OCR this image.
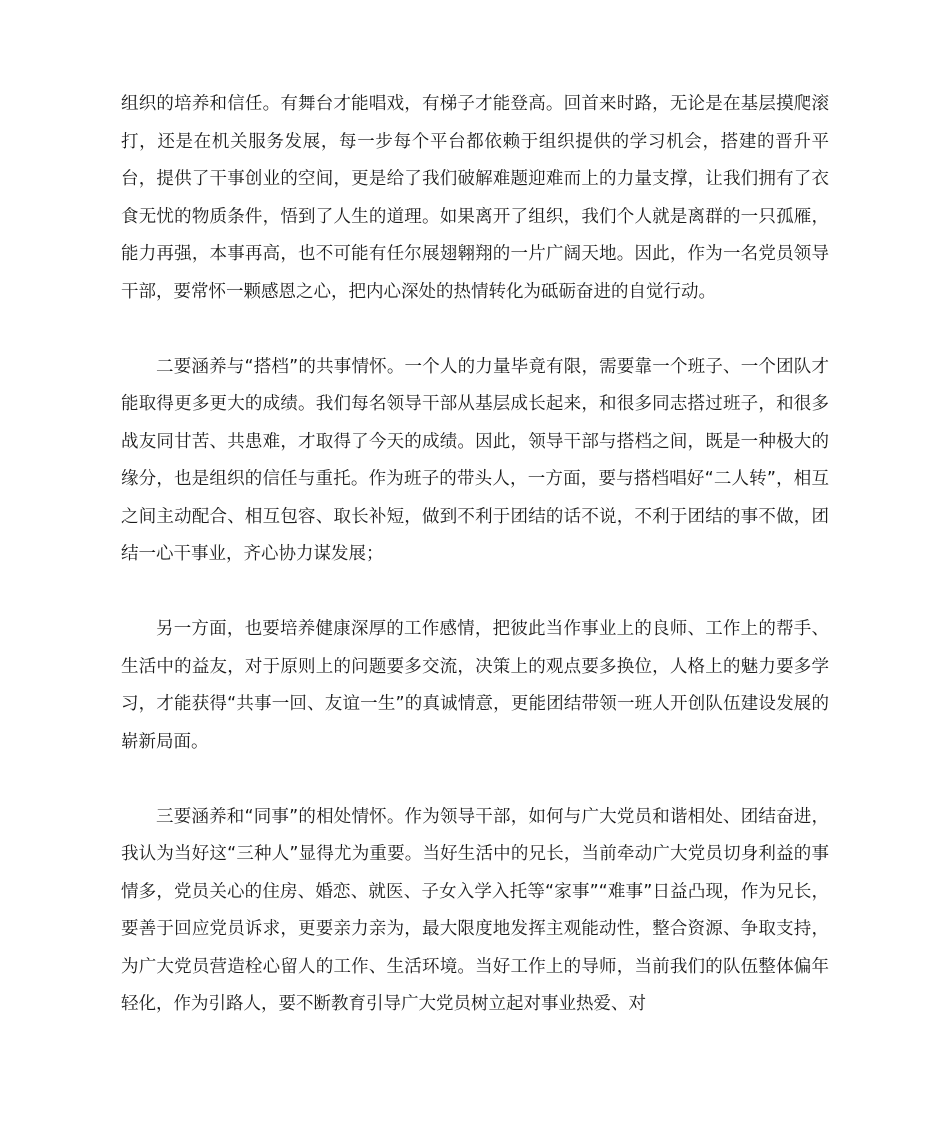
组织的培养和信任。有舞台才能唱戏，有梯子才能登高。回首来时路，无论是在基层摸爬滚打，还是在机关服务发展，每一步每个平台都依赖于组织提供的学习机会，搭建的晋升平台，提供了干事创业的空间，更是给了我们破解难题迎难而上的力量支撑，让我们拥有了衣食无忧的物质条件，悟到了人生的道理。如果离开了组织，我们个人就是离群的一只孤雁，能力再强，本事再高，也不可能有任尔展翅翱翔的一片广阔天地。因此，作为一名党员领导干部，要常怀一颗感恩之心，把内心深处的热情转化为砥砺奋进的自觉行动。

二要涵养与“搭档”的共事情怀。一个人的力量毕竟有限，需要靠一个班子、一个团队才能取得更多更大的成绩。我们每名领导干部从基层成长起来，和很多同志搭过班子，和很多战友同甘苦、共患难，才取得了今天的成绩。因此，领导干部与搭档之间，既是一种极大的缘分，也是组织的信任与重托。作为班子的带头人，一方面，要与搭档唱好“二人转”，相互之间主动配合、相互包容、取长补短，做到不利于团结的话不说，不利于团结的事不做，团结一心干事业，齐心协力谋发展；

另一方面，也要培养健康深厚的工作感情，把彼此当作事业上的良师、工作上的帮手、生活中的益友，对于原则上的问题要多交流，决策上的观点要多换位，人格上的魅力要多学习，才能获得“共事一回、友谊一生”的真诚情意，更能团结带领一班人开创队伍建设发展的崭新局面。

三要涵养和“同事”的相处情怀。作为领导干部，如何与广大党员和谐相处、团结奋进，我认为当好这“三种人”显得尤为重要。当好生活中的兄长，当前牵动广大党员切身利益的事情多，党员关心的住房、婚恋、就医、子女入学入托等“家事”“难事”日益凸现，作为兄长，要善于回应党员诉求，更要亲力亲为，最大限度地发挥主观能动性，整合资源、争取支持，为广大党员营造栓心留人的工作、生活环境。当好工作上的导师，当前我们的队伍整体偏年轻化，作为引路人，要不断教育引导广大党员树立起对事业热爱、对
